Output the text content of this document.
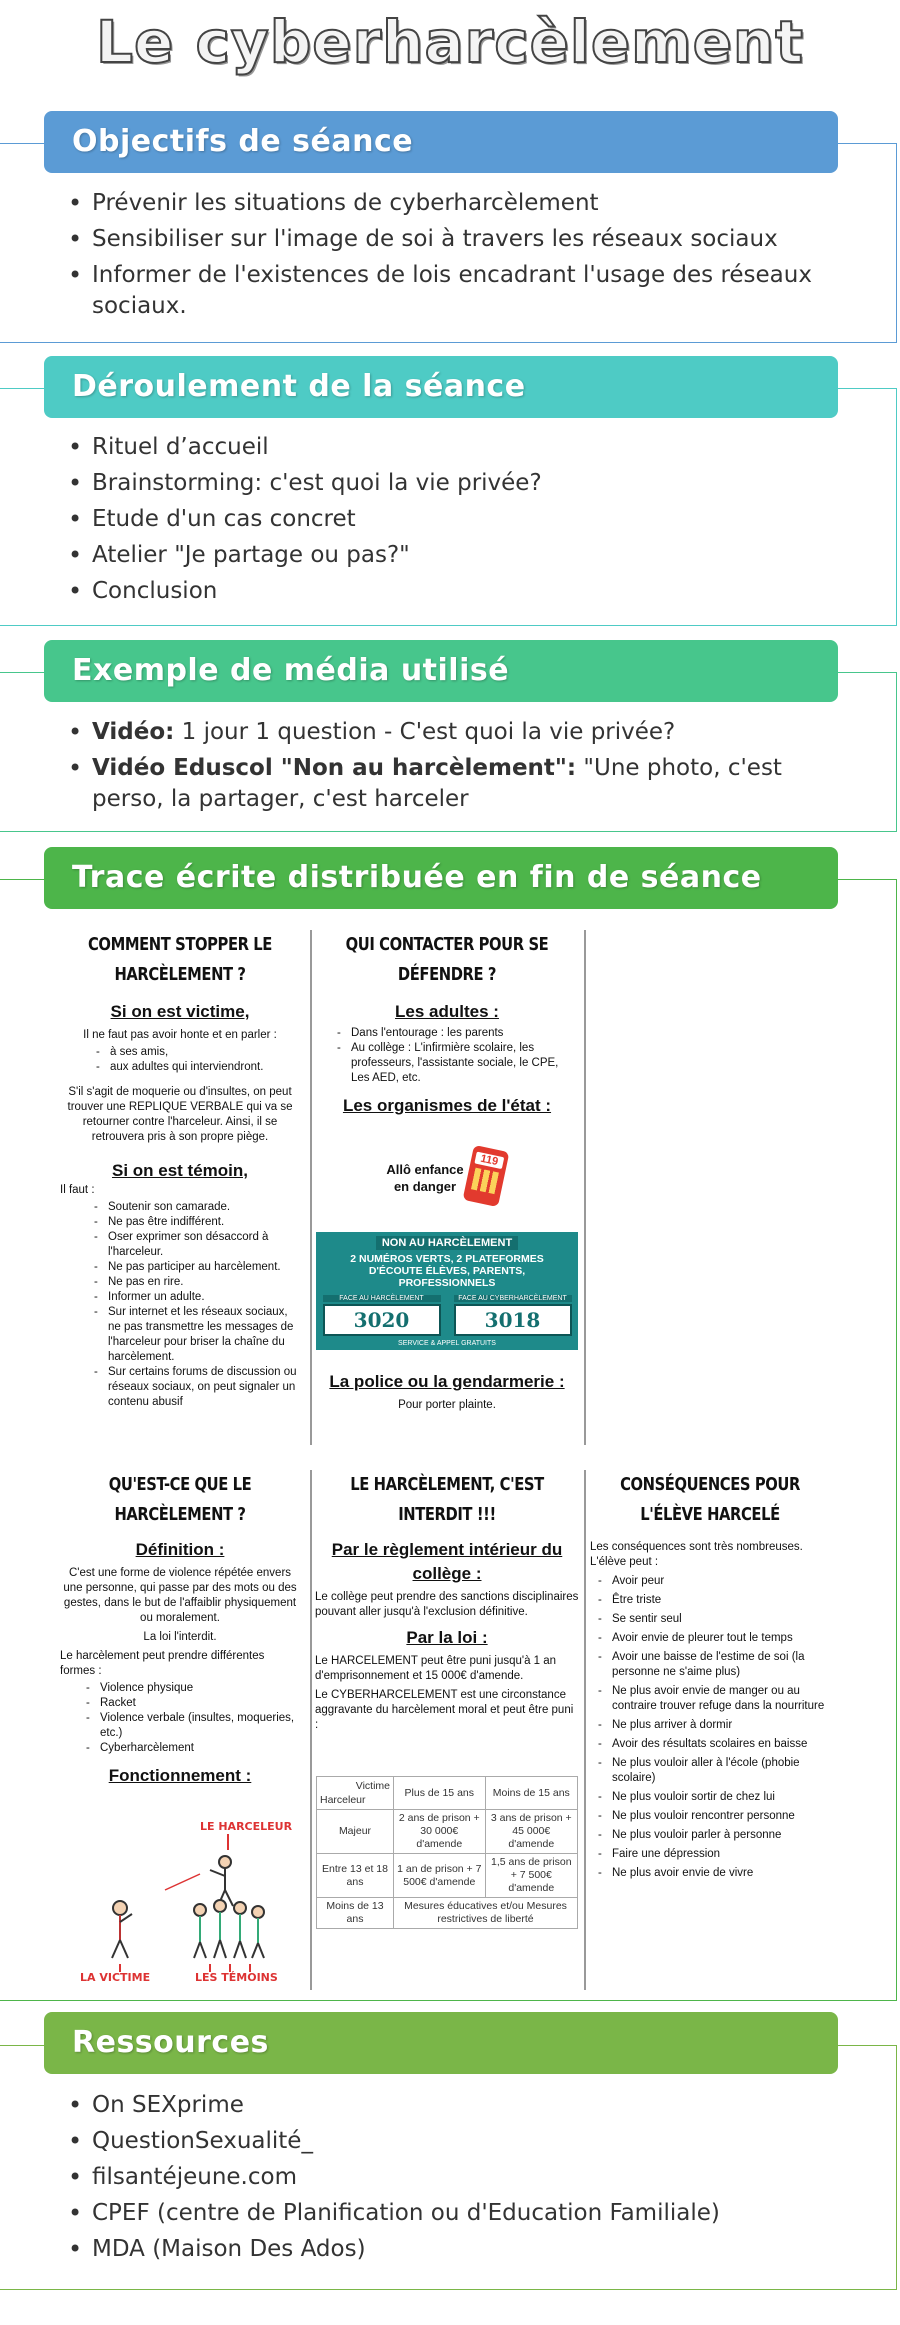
Le cyberharcèlement
Objectifs de séance
• Prévenir les situations de cyberharcèlement
• Sensibiliser sur l'image de soi à travers les réseaux sociaux
• Informer de l'existences de lois encadrant l'usage des réseaux sociaux.
Déroulement de la séance
• Rituel d’accueil
• Brainstorming: c'est quoi la vie privée?
• Etude d'un cas concret
• Atelier "Je partage ou pas?"
• Conclusion
Exemple de média utilisé
• Vidéo: 1 jour 1 question - C'est quoi la vie privée?
• Vidéo Eduscol "Non au harcèlement": "Une photo, c'est perso, la partager, c'est harceler
Trace écrite distribuée en fin de séance
COMMENT STOPPER LE HARCÈLEMENT ?
Si on est victime,

Il ne faut pas avoir honte et en parler :

- à ses amis,
- aux adultes qui interviendront.

S'il s'agit de moquerie ou d'insultes, on peut trouver une REPLIQUE VERBALE qui va se retourner contre l'harceleur. Ainsi, il se retrouvera pris à son propre piège.

Si on est témoin,

Il faut :

- Soutenir son camarade.
- Ne pas être indifférent.
- Oser exprimer son désaccord à l'harceleur.
- Ne pas participer au harcèlement.
- Ne pas en rire.
- Informer un adulte.
- Sur internet et les réseaux sociaux, ne pas transmettre les messages de l'harceleur pour briser la chaîne du harcèlement.
- Sur certains forums de discussion ou réseaux sociaux, on peut signaler un contenu abusif
QUI CONTACTER POUR SE DÉFENDRE ?
Les adultes :
- Dans l'entourage : les parents
- Au collège : L'infirmière scolaire, les professeurs, l'assistante sociale, le CPE, Les AED, etc.
Les organismes de l'état :
Allô enfance en danger
119
NON AU HARCÈLEMENT
2 NUMÉROS VERTS, 2 PLATEFORMES D'ÉCOUTE ÉLÈVES, PARENTS, PROFESSIONNELS
FACE AU HARCÈLEMENT
3020
FACE AU CYBERHARCÈLEMENT
3018
SERVICE & APPEL GRATUITS
La police ou la gendarmerie :

Pour porter plainte.

QU'EST-CE QUE LE HARCÈLEMENT ?
Définition :

C'est une forme de violence répétée envers une personne, qui passe par des mots ou des gestes, dans le but de l'affaiblir physiquement ou moralement.

La loi l'interdit.

Le harcèlement peut prendre différentes formes :

- Violence physique
- Racket
- Violence verbale (insultes, moqueries, etc.)
- Cyberharcèlement
Fonctionnement :
LE HARCELEUR
LA VICTIME	LES TÉMOINS
LE HARCÈLEMENT, C'EST INTERDIT !!!
Par le règlement intérieur du collège :

Le collège peut prendre des sanctions disciplinaires pouvant aller jusqu'à l'exclusion définitive.

Par la loi :

Le HARCELEMENT peut être puni jusqu'à 1 an d'emprisonnement et 15 000€ d'amende.

Le CYBERHARCELEMENT est une circonstance aggravante du harcèlement moral et peut être puni :

Victime
Harceleur	Plus de 15 ans	Moins de 15 ans
Majeur	2 ans de prison + 30 000€ d'amende	3 ans de prison + 45 000€ d'amende
Entre 13 et 18 ans	1 an de prison + 7 500€ d'amende	1,5 ans de prison + 7 500€ d'amende
Moins de 13 ans	Mesures éducatives et/ou Mesures restrictives de liberté	
CONSÉQUENCES POUR L'ÉLÈVE HARCELÉ

Les conséquences sont très nombreuses. L'élève peut :

- Avoir peur
- Être triste
- Se sentir seul
- Avoir envie de pleurer tout le temps
- Avoir une baisse de l'estime de soi (la personne ne s'aime plus)
- Ne plus avoir envie de manger ou au contraire trouver refuge dans la nourriture
- Ne plus arriver à dormir
- Avoir des résultats scolaires en baisse
- Ne plus vouloir aller à l'école (phobie scolaire)
- Ne plus vouloir sortir de chez lui
- Ne plus vouloir rencontrer personne
- Ne plus vouloir parler à personne
- Faire une dépression
- Ne plus avoir envie de vivre
Ressources
• On SEXprime
• QuestionSexualité_
• filsantéjeune.com
• CPEF (centre de Planification ou d'Education Familiale)
• MDA (Maison Des Ados)
